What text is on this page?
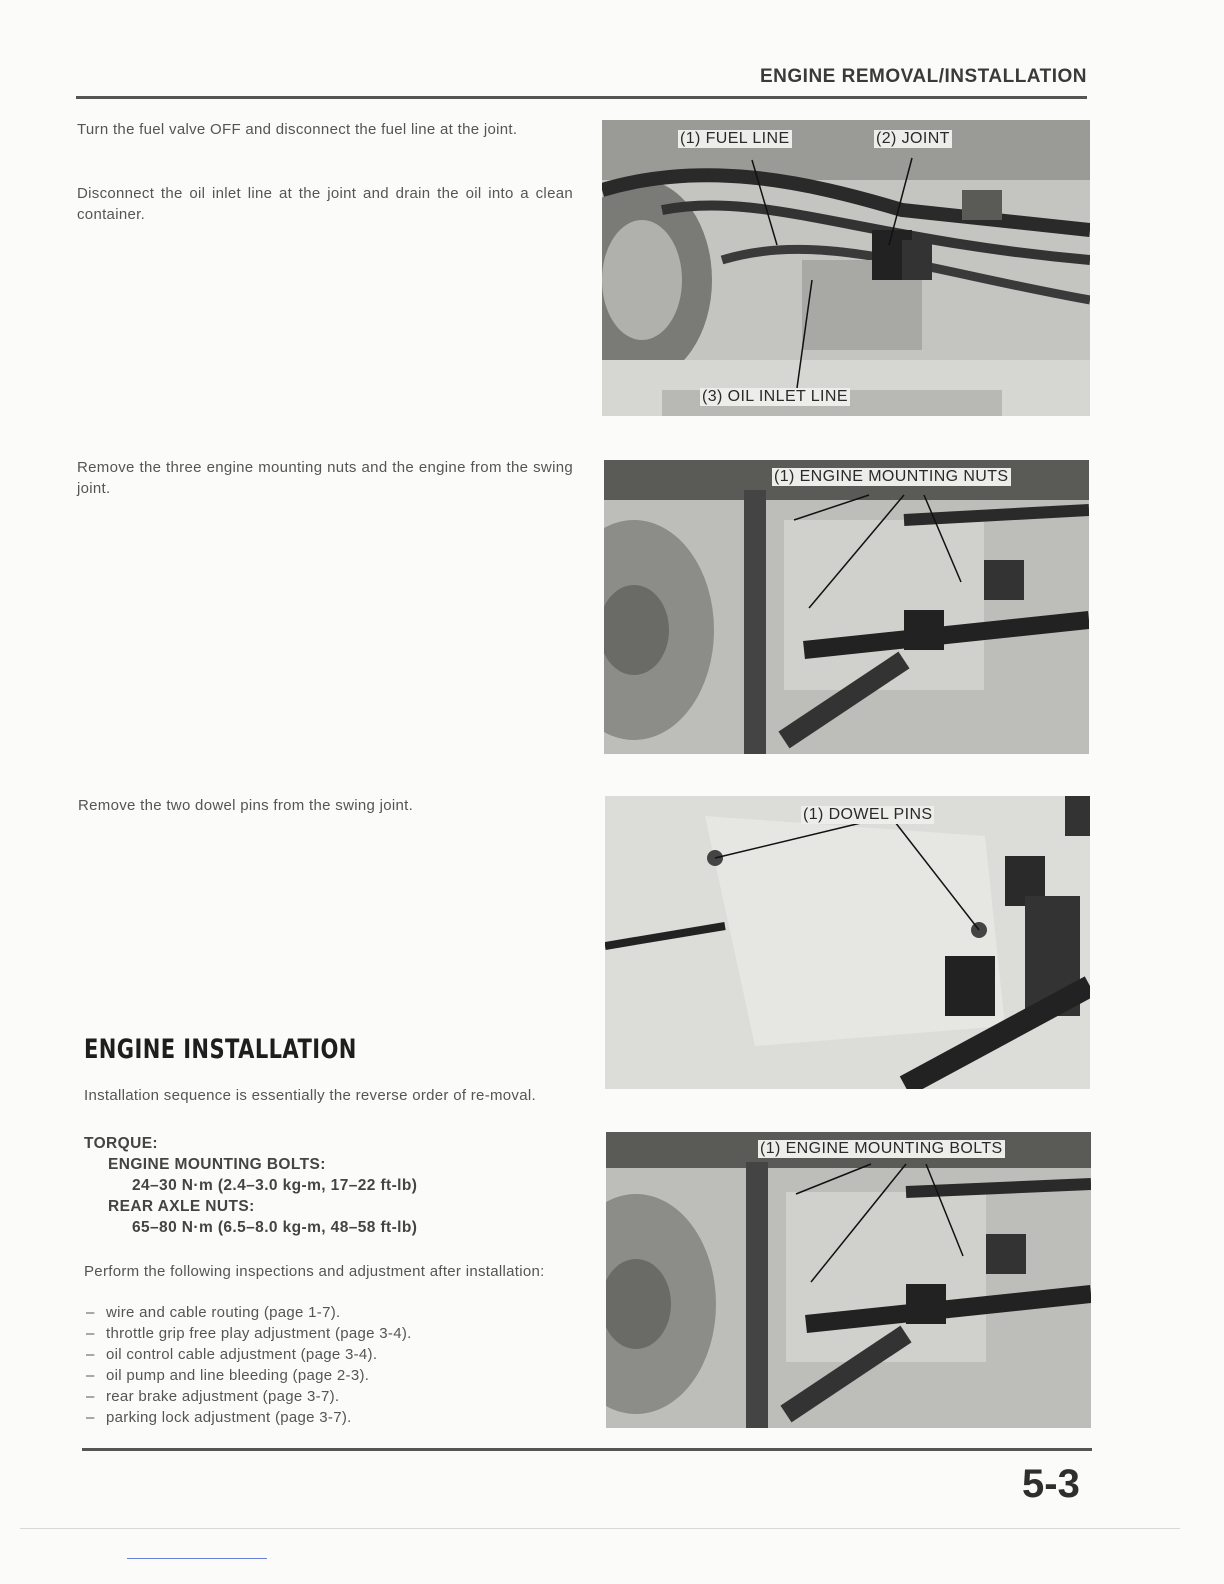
ENGINE REMOVAL/INSTALLATION
Turn the fuel valve OFF and disconnect the fuel line at the joint.
Disconnect the oil inlet line at the joint and drain the oil into a clean container.
(1) FUEL LINE	(2) JOINT
(3) OIL INLET LINE
Remove the three engine mounting nuts and the engine from the swing joint.
(1) ENGINE MOUNTING NUTS
Remove the two dowel pins from the swing joint.
(1) DOWEL PINS
ENGINE INSTALLATION
Installation sequence is essentially the reverse order of re-moval.
TORQUE:
ENGINE MOUNTING BOLTS:
24–30 N·m (2.4–3.0 kg-m, 17–22 ft-lb)
REAR AXLE NUTS:
65–80 N·m (6.5–8.0 kg-m, 48–58 ft-lb)
Perform the following inspections and adjustment after installation:
– wire and cable routing (page 1-7).
– throttle grip free play adjustment (page 3-4).
– oil control cable adjustment (page 3-4).
– oil pump and line bleeding (page 2-3).
– rear brake adjustment (page 3-7).
– parking lock adjustment (page 3-7).
(1) ENGINE MOUNTING BOLTS
5-3
